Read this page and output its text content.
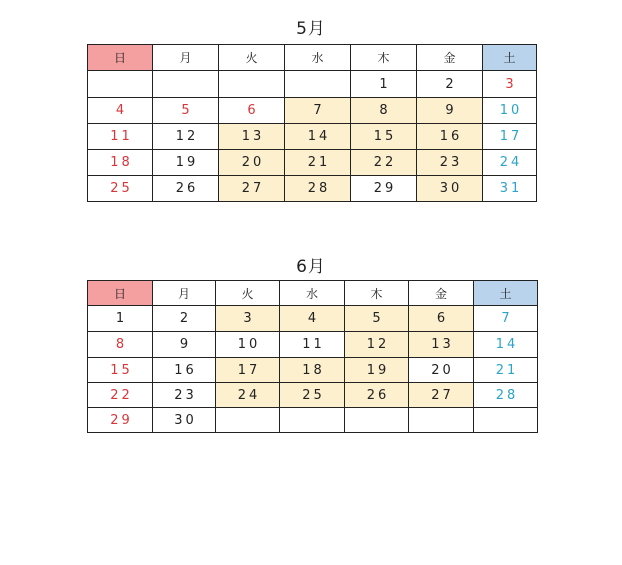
5月
日	月	火	水	木	金	土
				1	2	3
4	5	6	7	8	9	10
11	12	13	14	15	16	17
18	19	20	21	22	23	24
25	26	27	28	29	30	31
6月
日	月	火	水	木	金	土
1	2	3	4	5	6	7
8	9	10	11	12	13	14
15	16	17	18	19	20	21
22	23	24	25	26	27	28
29	30					
